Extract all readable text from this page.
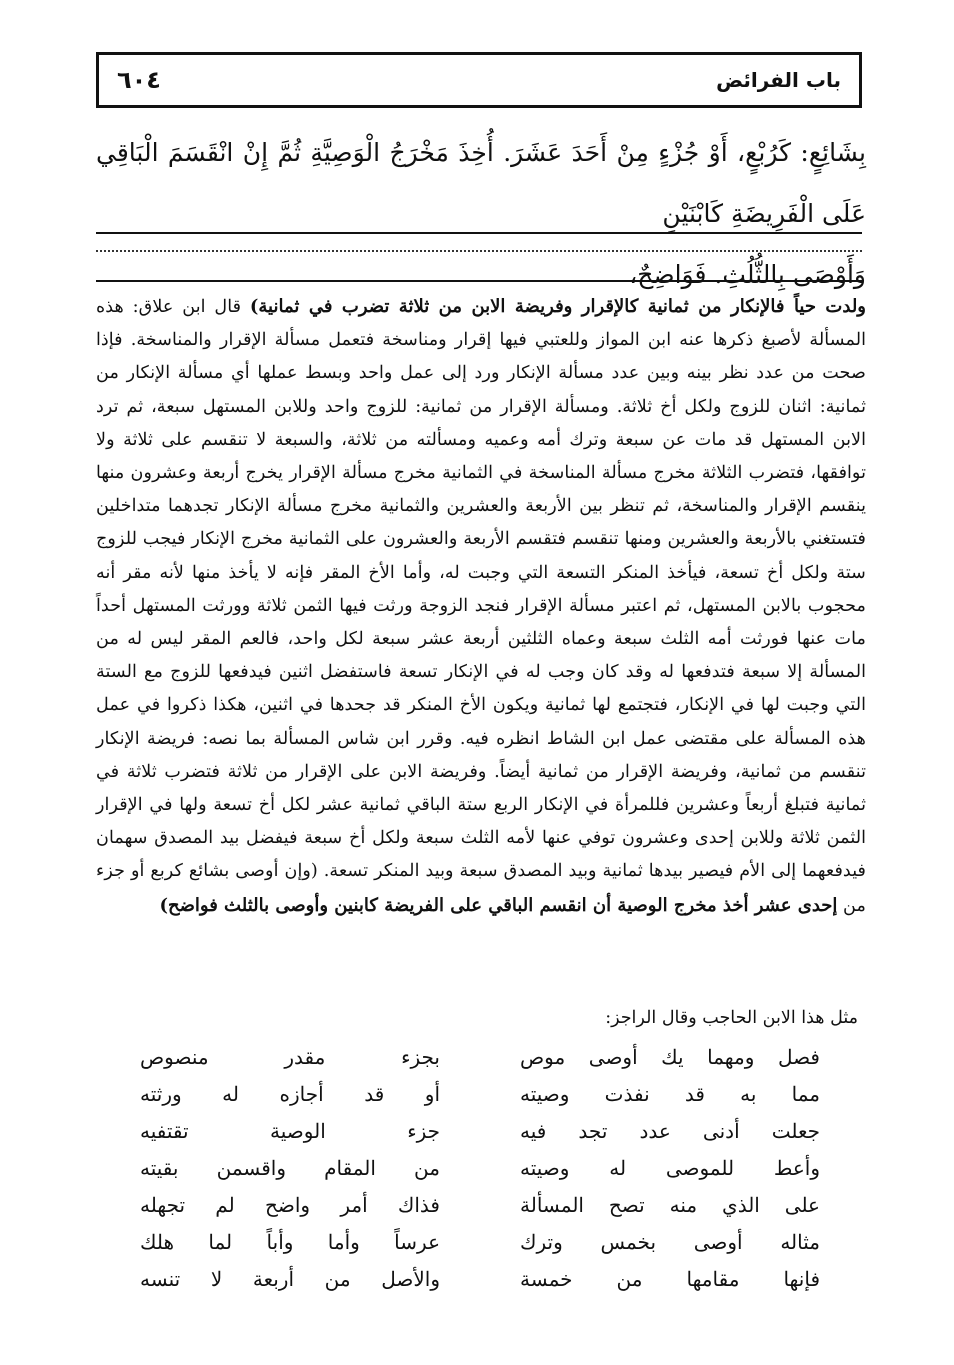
٦٠٤	باب الفرائض
بِشَائِعٍ: كَرُبْعٍ، أَوْ جُزْءٍ مِنْ أَحَدَ عَشَرَ. أُخِذَ مَخْرَجُ الْوَصِيَّةِ ثُمَّ إِنْ انْقَسَمَ الْبَاقِي عَلَى الْفَرِيضَةِ كَابْنَيْنِ
وَأَوْصَى بِالثُّلُثِ. فَوَاضِحٌ،
ولدت حياً فالإنكار من ثمانية كالإقرار وفريضة الابن من ثلاثة تضرب في ثمانية) قال ابن علاق: هذه المسألة لأصبغ ذكرها عنه ابن المواز وللعتبي فيها إقرار ومناسخة فتعمل مسألة الإقرار والمناسخة. فإذا صحت من عدد نظر بينه وبين عدد مسألة الإنكار ورد إلى عمل واحد وبسط عملها أي مسألة الإنكار من ثمانية: اثنان للزوج ولكل أخ ثلاثة. ومسألة الإقرار من ثمانية: للزوج واحد وللابن المستهل سبعة، ثم ترد الابن المستهل قد مات عن سبعة وترك أمه وعميه ومسألته من ثلاثة، والسبعة لا تنقسم على ثلاثة ولا توافقها، فتضرب الثلاثة مخرج مسألة المناسخة في الثمانية مخرج مسألة الإقرار يخرج أربعة وعشرون منها ينقسم الإقرار والمناسخة، ثم تنظر بين الأربعة والعشرين والثمانية مخرج مسألة الإنكار تجدهما متداخلين فتستغني بالأربعة والعشرين ومنها تنقسم فتقسم الأربعة والعشرون على الثمانية مخرج الإنكار فيجب للزوج ستة ولكل أخ تسعة، فيأخذ المنكر التسعة التي وجبت له، وأما الأخ المقر فإنه لا يأخذ منها لأنه مقر أنه محجوب بالابن المستهل، ثم اعتبر مسألة الإقرار فنجد الزوجة ورثت فيها الثمن ثلاثة وورثت المستهل أحداً مات عنها فورثت أمه الثلث سبعة وعماه الثلثين أربعة عشر سبعة لكل واحد، فالعم المقر ليس له من المسألة إلا سبعة فتدفعها له وقد كان وجب له في الإنكار تسعة فاستفضل اثنين فيدفعها للزوج مع الستة التي وجبت لها في الإنكار، فتجتمع لها ثمانية ويكون الأخ المنكر قد جحدها في اثنين، هكذا ذكروا في عمل هذه المسألة على مقتضى عمل ابن الشاط انظره فيه. وقرر ابن شاس المسألة بما نصه: فريضة الإنكار تنقسم من ثمانية، وفريضة الإقرار من ثمانية أيضاً. وفريضة الابن على الإقرار من ثلاثة فتضرب ثلاثة في ثمانية فتبلغ أربعاً وعشرين فللمرأة في الإنكار الربع ستة الباقي ثمانية عشر لكل أخ تسعة ولها في الإقرار الثمن ثلاثة وللابن إحدى وعشرون توفي عنها لأمه الثلث سبعة ولكل أخ سبعة فيفضل بيد المصدق سهمان فيدفعهما إلى الأم فيصير بيدها ثمانية وبيد المصدق سبعة وبيد المنكر تسعة. (وإن أوصى بشائع كربع أو جزء من إحدى عشر أخذ مخرج الوصية أن انقسم الباقي على الفريضة كابنين وأوصى بالثلث فواضح)
مثل هذا الابن الحاجب وقال الراجز:
فصل ومهما يك أوصى موص
بجزء مقدر منصوص
مما به قد نفذت وصيته
أو قد أجازه له ورثته
جعلت أدنى عدد تجد فيه
جزء الوصية تقتفيه
وأعط للموصى له وصيته
من المقام واقسمن بقيته
على الذي منه تصح المسألة
فذاك أمر واضح لم تجهله
مثاله أوصى بخمس وترك
عرساً وأما وأباً لما هلك
فإنها مقامها من خمسة
والأصل من أربعة لا تنسه
